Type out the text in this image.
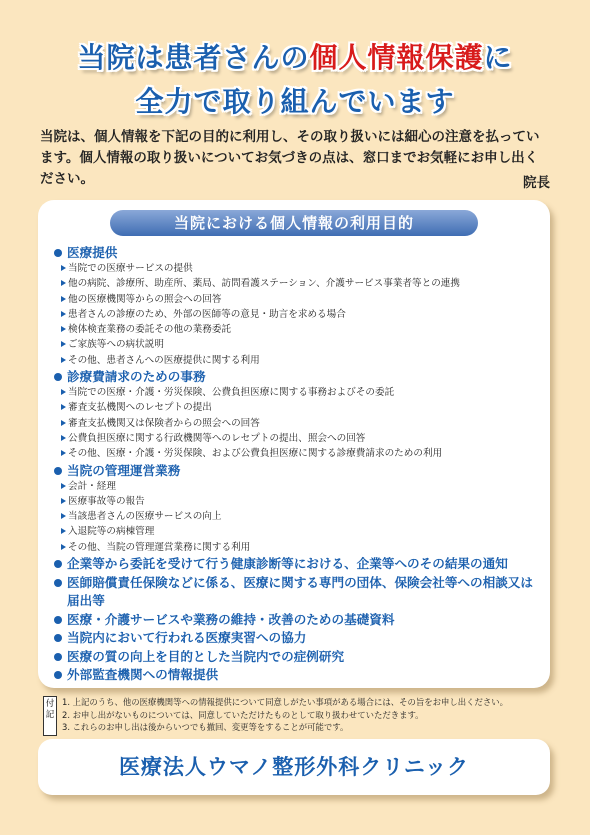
当院は患者さんの個人情報保護に
全力で取り組んでいます
当院は、個人情報を下記の目的に利用し、その取り扱いには細心の注意を払っています。個人情報の取り扱いについてお気づきの点は、窓口までお気軽にお申し出ください。	院長
当院における個人情報の利用目的
医療提供
当院での医療サービスの提供
他の病院、診療所、助産所、薬局、訪問看護ステーション、介護サービス事業者等との連携
他の医療機関等からの照会への回答
患者さんの診療のため、外部の医師等の意見・助言を求める場合
検体検査業務の委託その他の業務委託
ご家族等への病状説明
その他、患者さんへの医療提供に関する利用
診療費請求のための事務
当院での医療・介護・労災保険、公費負担医療に関する事務およびその委託
審査支払機関へのレセプトの提出
審査支払機関又は保険者からの照会への回答
公費負担医療に関する行政機関等へのレセプトの提出、照会への回答
その他、医療・介護・労災保険、および公費負担医療に関する診療費請求のための利用
当院の管理運営業務
会計・経理
医療事故等の報告
当該患者さんの医療サービスの向上
入退院等の病棟管理
その他、当院の管理運営業務に関する利用
企業等から委託を受けて行う健康診断等における、企業等へのその結果の通知
医師賠償責任保険などに係る、医療に関する専門の団体、保険会社等への相談又は届出等
医療・介護サービスや業務の維持・改善のための基礎資料
当院内において行われる医療実習への協力
医療の質の向上を目的とした当院内での症例研究
外部監査機関への情報提供
付記
1. 上記のうち、他の医療機関等への情報提供について同意しがたい事項がある場合には、その旨をお申し出ください。
2. お申し出がないものについては、同意していただけたものとして取り扱わせていただきます。
3. これらのお申し出は後からいつでも撤回、変更等をすることが可能です。
医療法人ウマノ整形外科クリニック
